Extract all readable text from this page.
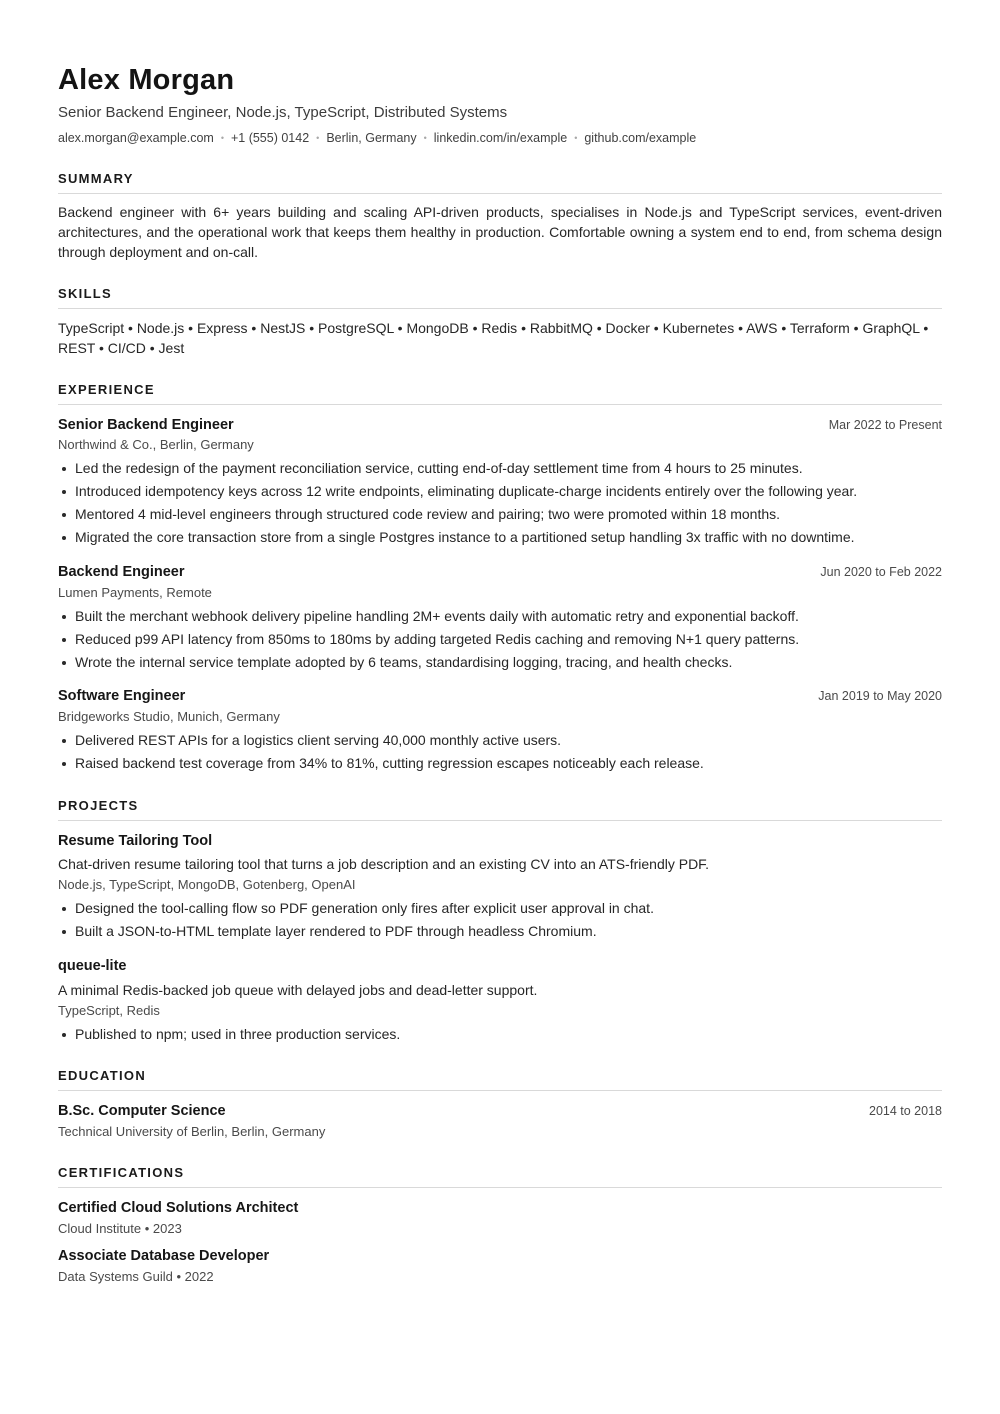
Alex Morgan
Senior Backend Engineer, Node.js, TypeScript, Distributed Systems
alex.morgan@example.com • +1 (555) 0142 • Berlin, Germany • linkedin.com/in/example • github.com/example
SUMMARY
Backend engineer with 6+ years building and scaling API-driven products, specialises in Node.js and TypeScript services, event-driven architectures, and the operational work that keeps them healthy in production. Comfortable owning a system end to end, from schema design through deployment and on-call.
SKILLS
TypeScript • Node.js • Express • NestJS • PostgreSQL • MongoDB • Redis • RabbitMQ • Docker • Kubernetes • AWS • Terraform • GraphQL •
REST • CI/CD • Jest
EXPERIENCE
Senior Backend Engineer	Mar 2022 to Present
Northwind & Co., Berlin, Germany
Led the redesign of the payment reconciliation service, cutting end-of-day settlement time from 4 hours to 25 minutes.
Introduced idempotency keys across 12 write endpoints, eliminating duplicate-charge incidents entirely over the following year.
Mentored 4 mid-level engineers through structured code review and pairing; two were promoted within 18 months.
Migrated the core transaction store from a single Postgres instance to a partitioned setup handling 3x traffic with no downtime.
Backend Engineer	Jun 2020 to Feb 2022
Lumen Payments, Remote
Built the merchant webhook delivery pipeline handling 2M+ events daily with automatic retry and exponential backoff.
Reduced p99 API latency from 850ms to 180ms by adding targeted Redis caching and removing N+1 query patterns.
Wrote the internal service template adopted by 6 teams, standardising logging, tracing, and health checks.
Software Engineer	Jan 2019 to May 2020
Bridgeworks Studio, Munich, Germany
Delivered REST APIs for a logistics client serving 40,000 monthly active users.
Raised backend test coverage from 34% to 81%, cutting regression escapes noticeably each release.
PROJECTS
Resume Tailoring Tool
Chat-driven resume tailoring tool that turns a job description and an existing CV into an ATS-friendly PDF.
Node.js, TypeScript, MongoDB, Gotenberg, OpenAI
Designed the tool-calling flow so PDF generation only fires after explicit user approval in chat.
Built a JSON-to-HTML template layer rendered to PDF through headless Chromium.
queue-lite
A minimal Redis-backed job queue with delayed jobs and dead-letter support.
TypeScript, Redis
Published to npm; used in three production services.
EDUCATION
B.Sc. Computer Science	2014 to 2018
Technical University of Berlin, Berlin, Germany
CERTIFICATIONS
Certified Cloud Solutions Architect
Cloud Institute • 2023
Associate Database Developer
Data Systems Guild • 2022
